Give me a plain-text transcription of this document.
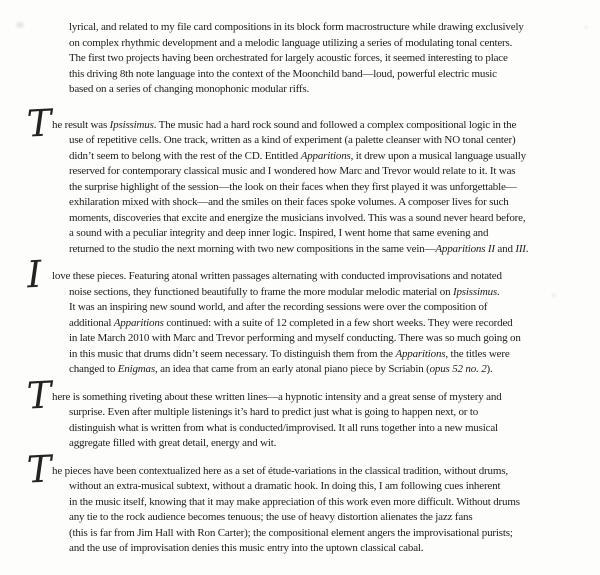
lyrical, and related to my file card compositions in its block form macrostructure while drawing exclusively
on complex rhythmic development and a melodic language utilizing a series of modulating tonal centers.
The first two projects having been orchestrated for largely acoustic forces, it seemed interesting to place
this driving 8th note language into the context of the Moonchild band—loud, powerful electric music
based on a series of changing monophonic modular riffs.
T he result was Ipsissimus. The music had a hard rock sound and followed a complex compositional logic in the
use of repetitive cells. One track, written as a kind of experiment (a palette cleanser with NO tonal center)
didn’t seem to belong with the rest of the CD. Entitled Apparitions, it drew upon a musical language usually
reserved for contemporary classical music and I wondered how Marc and Trevor would relate to it. It was
the surprise highlight of the session—the look on their faces when they first played it was unforgettable—
exhilaration mixed with shock—and the smiles on their faces spoke volumes. A composer lives for such
moments, discoveries that excite and energize the musicians involved. This was a sound never heard before,
a sound with a peculiar integrity and deep inner logic. Inspired, I went home that same evening and
returned to the studio the next morning with two new compositions in the same vein—Apparitions II and III.
I love these pieces. Featuring atonal written passages alternating with conducted improvisations and notated
noise sections, they functioned beautifully to frame the more modular melodic material on Ipsissimus.
It was an inspiring new sound world, and after the recording sessions were over the composition of
additional Apparitions continued: with a suite of 12 completed in a few short weeks. They were recorded
in late March 2010 with Marc and Trevor performing and myself conducting. There was so much going on
in this music that drums didn’t seem necessary. To distinguish them from the Apparitions, the titles were
changed to Enigmas, an idea that came from an early atonal piano piece by Scriabin (opus 52 no. 2).
T here is something riveting about these written lines—a hypnotic intensity and a great sense of mystery and
surprise. Even after multiple listenings it’s hard to predict just what is going to happen next, or to
distinguish what is written from what is conducted/improvised. It all runs together into a new musical
aggregate filled with great detail, energy and wit.
T he pieces have been contextualized here as a set of étude-variations in the classical tradition, without drums,
without an extra-musical subtext, without a dramatic hook. In doing this, I am following cues inherent
in the music itself, knowing that it may make appreciation of this work even more difficult. Without drums
any tie to the rock audience becomes tenuous; the use of heavy distortion alienates the jazz fans
(this is far from Jim Hall with Ron Carter); the compositional element angers the improvisational purists;
and the use of improvisation denies this music entry into the uptown classical cabal.
